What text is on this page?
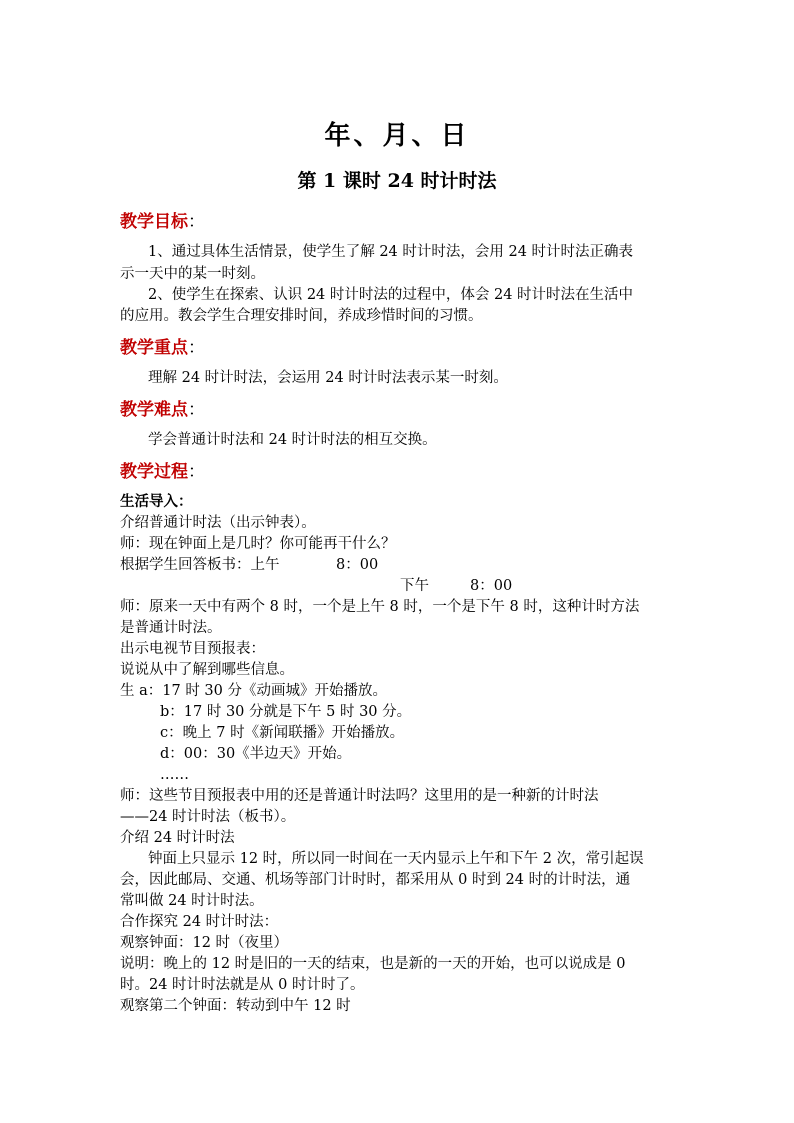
年、月、日
第 1 课时 24 时计时法
教学目标：
1、通过具体生活情景，使学生了解 24 时计时法，会用 24 时计时法正确表
示一天中的某一时刻。
2、使学生在探索、认识 24 时计时法的过程中，体会 24 时计时法在生活中
的应用。教会学生合理安排时间，养成珍惜时间的习惯。
教学重点：
理解 24 时计时法，会运用 24 时计时法表示某一时刻。
教学难点：
学会普通计时法和 24 时计时法的相互交换。
教学过程：
生活导入：
介绍普通计时法（出示钟表）。
师：现在钟面上是几时？你可能再干什么？
根据学生回答板书：上午	8：00
下午	8：00
师：原来一天中有两个 8 时，一个是上午 8 时，一个是下午 8 时，这种计时方法
是普通计时法。
出示电视节目预报表：
说说从中了解到哪些信息。
生 a：17 时 30 分《动画城》开始播放。
b：17 时 30 分就是下午 5 时 30 分。
c：晚上 7 时《新闻联播》开始播放。
d：00：30《半边天》开始。
……
师：这些节目预报表中用的还是普通计时法吗？这里用的是一种新的计时法
——24 时计时法（板书）。
介绍 24 时计时法
钟面上只显示 12 时，所以同一时间在一天内显示上午和下午 2 次，常引起误
会，因此邮局、交通、机场等部门计时时，都采用从 0 时到 24 时的计时法，通
常叫做 24 时计时法。
合作探究 24 时计时法：
观察钟面：12 时（夜里）
说明：晚上的 12 时是旧的一天的结束，也是新的一天的开始，也可以说成是 0
时。24 时计时法就是从 0 时计时了。
观察第二个钟面：转动到中午 12 时
